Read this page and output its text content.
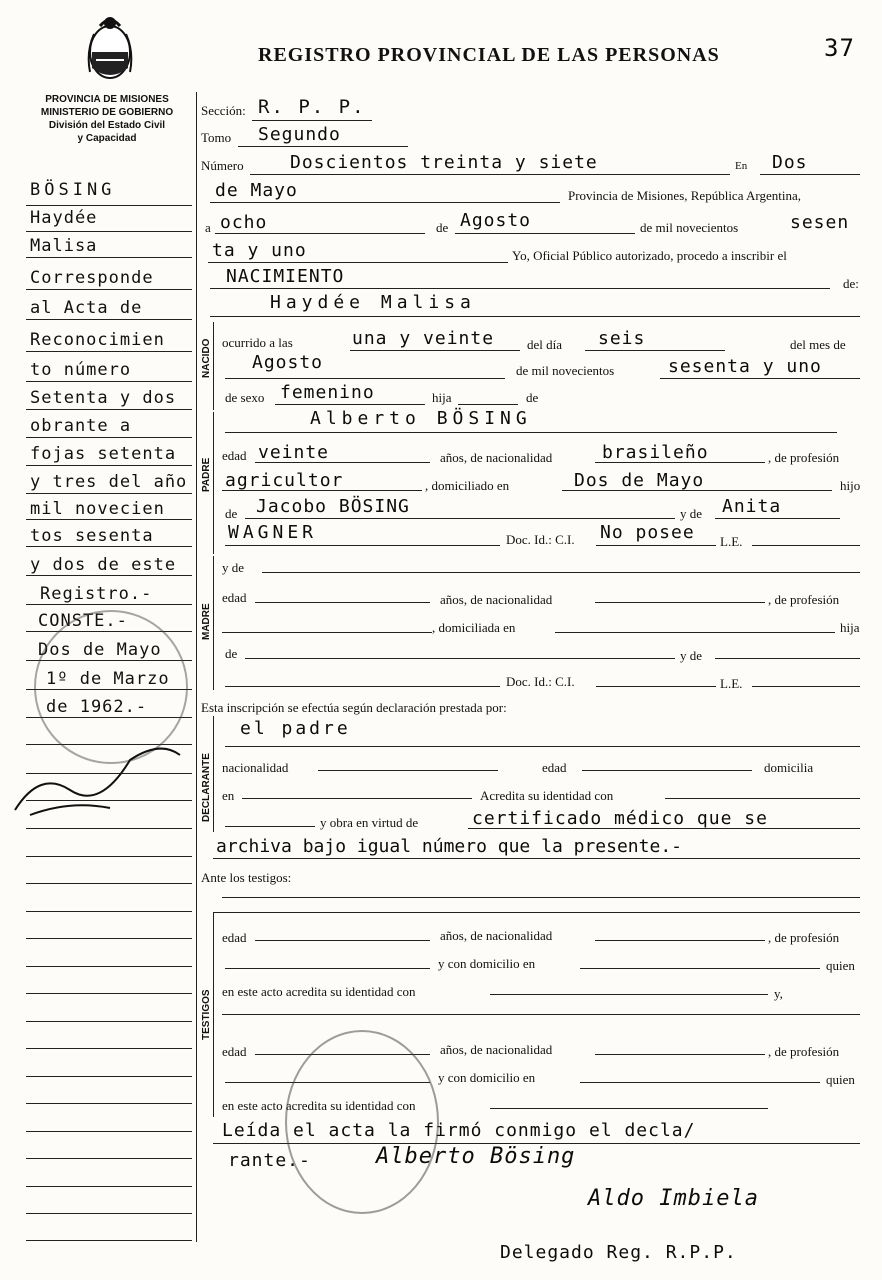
REGISTRO PROVINCIAL DE LAS PERSONAS	37
PROVINCIA DE MISIONES
MINISTERIO DE GOBIERNO
División del Estado Civil
y Capacidad
BÖSING
Haydée
Malisa
Corresponde
al Acta de
Reconocimien
to número
Setenta y dos
obrante a
fojas setenta
y tres del año
mil novecien
tos sesenta
y dos de este
Registro.-
CONSTE.-
Dos de Mayo
1º de Marzo
de 1962.-
Sección: R. P. P.
Tomo Segundo
Número	Doscientos treinta y siete	En Dos
de Mayo	Provincia de Misiones, República Argentina,
a ocho	de Agosto	de mil novecientos	sesen
ta y uno	Yo, Oficial Público autorizado, procedo a inscribir el
NACIMIENTO	de:
Haydée Malisa
NACIDO ocurrido a las	una y veinte	del día seis	del mes de
Agosto	de mil novecientos	sesenta y uno
de sexo femenino	hija	de
PADRE
Alberto BÖSING
edad veinte	años, de nacionalidad	brasileño	, de profesión
agricultor	, domiciliado en	Dos de Mayo	hijo
de Jacobo BÖSING	y de Anita
WAGNER	Doc. Id.: C.I. No posee L.E.
MADRE
y de
edad	años, de nacionalidad	, de profesión
, domiciliada en	hija
de	y de
Doc. Id.: C.I.	L.E.
Esta inscripción se efectúa según declaración prestada por:
DECLARANTE
el padre
nacionalidad	edad	domicilia
en	Acredita su identidad con
y obra en virtud de	certificado médico que se
archiva bajo igual número que la presente.-
Ante los testigos:
TESTIGOS
edad	años, de nacionalidad	, de profesión
y con domicilio en	quien
en este acto acredita su identidad con	y,
edad	años, de nacionalidad	, de profesión
y con domicilio en	quien
en este acto acredita su identidad con
Leída el acta la firmó conmigo el decla/
rante.-	Alberto Bösing
Aldo Imbiela
Delegado Reg. R.P.P.
